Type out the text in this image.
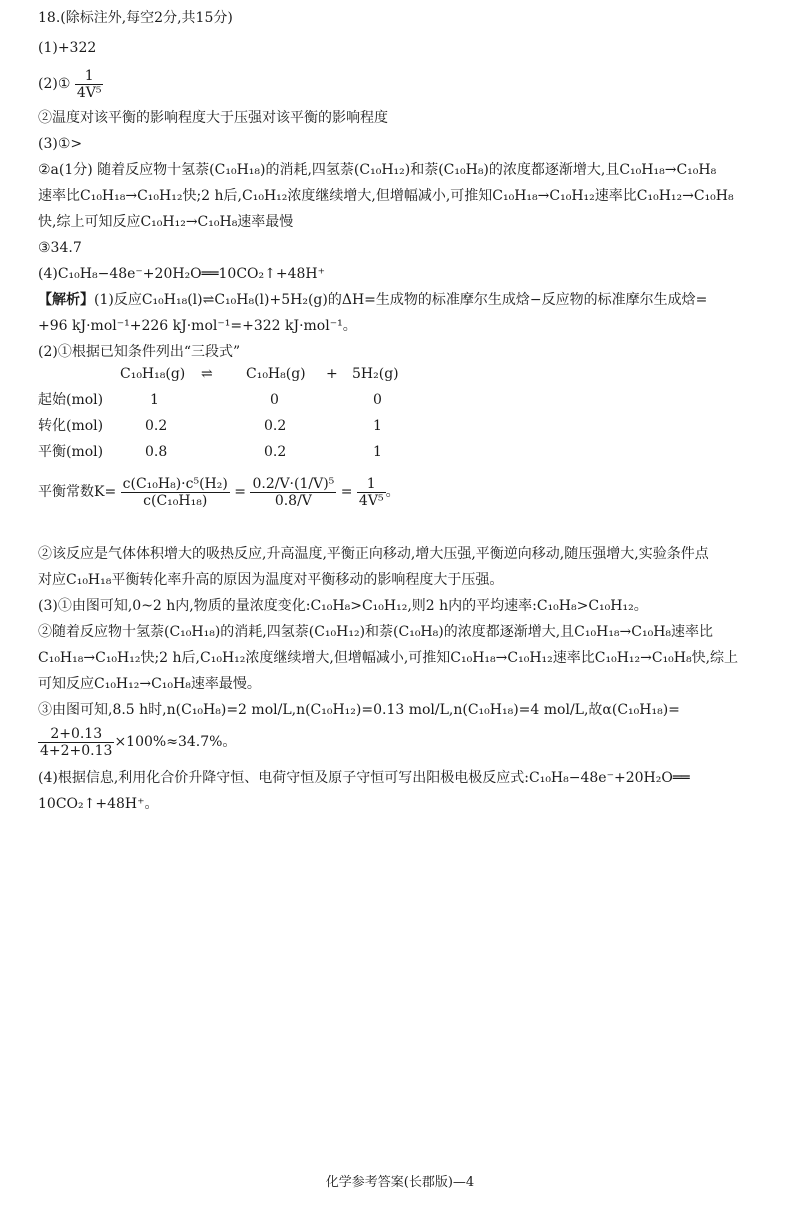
18.(除标注外,每空2分,共15分)
(1)+322
(2)① $\frac{1}{\text{4V⁵}}$
②温度对该平衡的影响程度大于压强对该平衡的影响程度
(3)①>
②a(1分) 随着反应物十氢萘(C₁₀H₁₈)的消耗,四氢萘(C₁₀H₁₂)和萘(C₁₀H₈)的浓度都逐渐增大,且C₁₀H₁₈→C₁₀H₈
速率比C₁₀H₁₈→C₁₀H₁₂快;2 h后,C₁₀H₁₂浓度继续增大,但增幅减小,可推知C₁₀H₁₈→C₁₀H₁₂速率比C₁₀H₁₂→C₁₀H₈
快,综上可知反应C₁₀H₁₂→C₁₀H₈速率最慢
③34.7
(4)C₁₀H₈−48e⁻+20H₂O══10CO₂↑+48H⁺
【解析】(1)反应C₁₀H₁₈(l)⇌C₁₀H₈(l)+5H₂(g)的ΔH=生成物的标准摩尔生成焓−反应物的标准摩尔生成焓=
+96 kJ·mol⁻¹+226 kJ·mol⁻¹=+322 kJ·mol⁻¹。
(2)①根据已知条件列出“三段式”
C₁₀H₁₈(g) ⇌ C₁₀H₈(g) + 5H₂(g)
起始(mol)	1	0	0
转化(mol)	0.2	0.2	1
平衡(mol)	0.8	0.2	1
平衡常数$K= \frac{\text{c(C₁₀H₈)·c⁵(H₂)}}{\text{c(C₁₀H₁₈)}} = \frac{\text{0.2/V·(1/V)⁵}}{0.8/V} = \frac{1}{\text{4V⁵}}$ 。
②该反应是气体体积增大的吸热反应,升高温度,平衡正向移动,增大压强,平衡逆向移动,随压强增大,实验条件点
对应C₁₀H₁₈平衡转化率升高的原因为温度对平衡移动的影响程度大于压强。
(3)①由图可知,0~2 h内,物质的量浓度变化:C₁₀H₈>C₁₀H₁₂,则2 h内的平均速率:C₁₀H₈>C₁₀H₁₂。
②随着反应物十氢萘(C₁₀H₁₈)的消耗,四氢萘(C₁₀H₁₂)和萘(C₁₀H₈)的浓度都逐渐增大,且C₁₀H₁₈→C₁₀H₈速率比
C₁₀H₁₈→C₁₀H₁₂快;2 h后,C₁₀H₁₂浓度继续增大,但增幅减小,可推知C₁₀H₁₈→C₁₀H₁₂速率比C₁₀H₁₂→C₁₀H₈快,综上
可知反应C₁₀H₁₂→C₁₀H₈速率最慢。
③由图可知,8.5 h时,n(C₁₀H₈)=2 mol/L,n(C₁₀H₁₂)=0.13 mol/L,n(C₁₀H₁₈)=4 mol/L,故α(C₁₀H₁₈)=
$\frac{2+0.13}{4+2+0.13} \times 100\%\approx 34.7\%$。
(4)根据信息,利用化合价升降守恒、电荷守恒及原子守恒可写出阳极电极反应式:C₁₀H₈−48e⁻+20H₂O══
10CO₂↑+48H⁺。
化学参考答案(长郡版)—4
